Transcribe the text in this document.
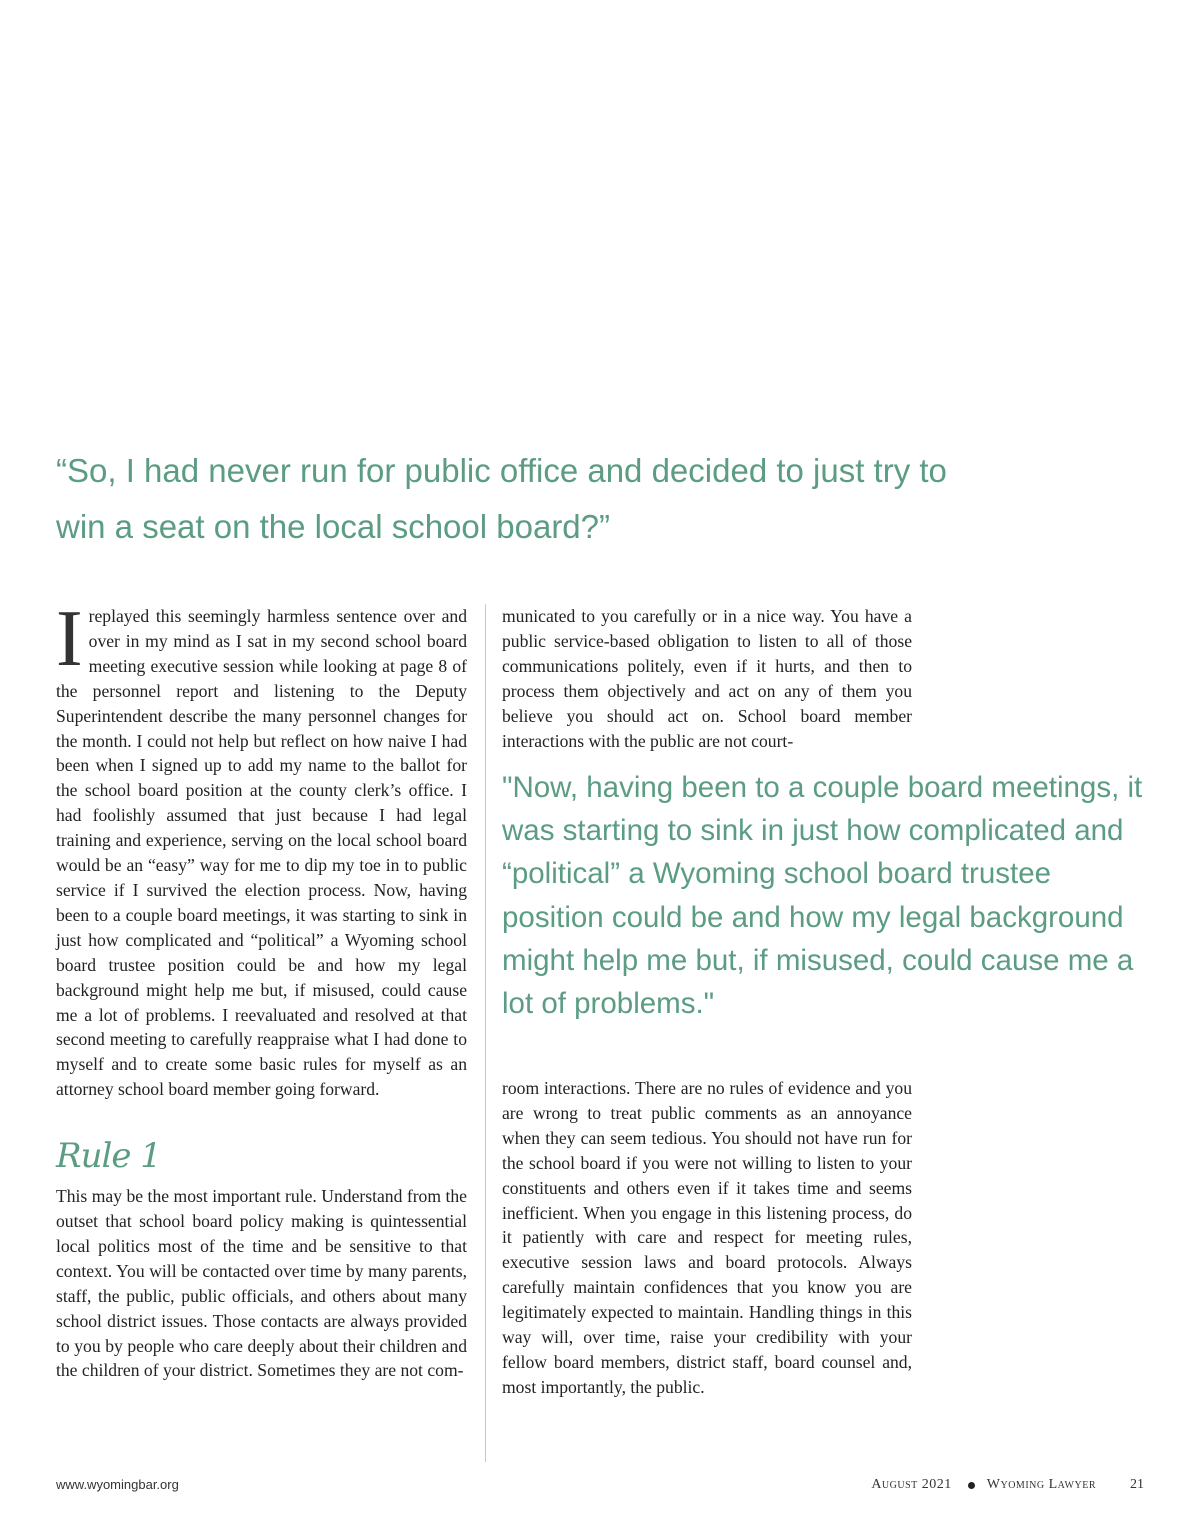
“So, I had never run for public office and decided to just try to win a seat on the local school board?”

Ireplayed this seemingly harmless sentence over and over in my mind as I sat in my second school board meeting executive session while looking at page 8 of the personnel report and listening to the Deputy Superintendent describe the many personnel changes for the month. I could not help but reflect on how naive I had been when I signed up to add my name to the ballot for the school board position at the county clerk’s office. I had foolishly assumed that just because I had legal training and experience, serving on the local school board would be an “easy” way for me to dip my toe in to public service if I survived the election process. Now, having been to a couple board meetings, it was starting to sink in just how complicated and “political” a Wyoming school board trustee position could be and how my legal background might help me but, if misused, could cause me a lot of problems. I reevaluated and resolved at that second meeting to carefully reappraise what I had done to myself and to create some basic rules for myself as an attorney school board member going forward.

Rule 1

This may be the most important rule. Understand from the outset that school board policy making is quintessential local politics most of the time and be sensitive to that context. You will be contacted over time by many parents, staff, the public, public officials, and others about many school district issues. Those contacts are always provided to you by people who care deeply about their children and the children of your district. Sometimes they are not com-

municated to you carefully or in a nice way. You have a public service-based obligation to listen to all of those communications politely, even if it hurts, and then to process them objectively and act on any of them you believe you should act on. School board member interactions with the public are not court-

"Now, having been to a couple board meetings, it was starting to sink in just how complicated and “political” a Wyoming school board trustee position could be and how my legal background might help me but, if misused, could cause me a lot of problems."

room interactions. There are no rules of evidence and you are wrong to treat public comments as an annoyance when they can seem tedious. You should not have run for the school board if you were not willing to listen to your constituents and others even if it takes time and seems inefficient. When you engage in this listening process, do it patiently with care and respect for meeting rules, executive session laws and board protocols. Always carefully maintain confidences that you know you are legitimately expected to maintain. Handling things in this way will, over time, raise your credibility with your fellow board members, district staff, board counsel and, most importantly, the public.

www.wyomingbar.org	August 2021	Wyoming Lawyer 21
